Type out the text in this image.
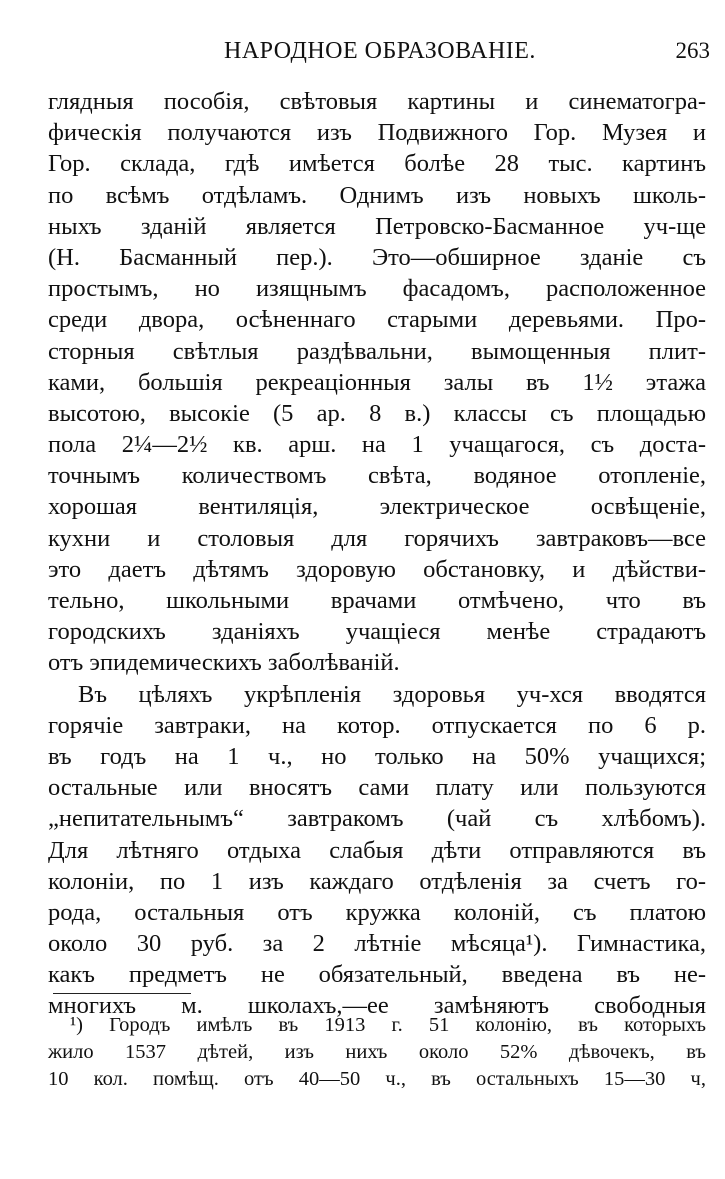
НАРОДНОЕ ОБРАЗОВАНІЕ.	263
глядныя пособія, свѣтовыя картины и синематогра-
фическія получаются изъ Подвижного Гор. Музея и
Гор. склада, гдѣ имѣется болѣе 28 тыс. картинъ
по всѣмъ отдѣламъ. Однимъ изъ новыхъ школь-
ныхъ зданій является Петровско-Басманное уч-ще
(Н. Басманный пер.). Это—обширное зданіе съ
простымъ, но изящнымъ фасадомъ, расположенное
среди двора, осѣненнаго старыми деревьями. Про-
сторныя свѣтлыя раздѣвальни, вымощенныя плит-
ками, большія рекреаціонныя залы въ 1½ этажа
высотою, высокіе (5 ар. 8 в.) классы съ площадью
пола 2¼—2½ кв. арш. на 1 учащагося, съ доста-
точнымъ количествомъ свѣта, водяное отопленіе,
хорошая вентиляція, электрическое освѣщеніе,
кухни и столовыя для горячихъ завтраковъ—все
это даетъ дѣтямъ здоровую обстановку, и дѣйстви-
тельно, школьными врачами отмѣчено, что въ
городскихъ зданіяхъ учащіеся менѣе страдаютъ
отъ эпидемическихъ заболѣваній.
Въ цѣляхъ укрѣпленія здоровья уч-хся вводятся
горячіе завтраки, на котор. отпускается по 6 р.
въ годъ на 1 ч., но только на 50% учащихся;
остальные или вносятъ сами плату или пользуются
„непитательнымъ“ завтракомъ (чай съ хлѣбомъ).
Для лѣтняго отдыха слабыя дѣти отправляются въ
колоніи, по 1 изъ каждаго отдѣленія за счетъ го-
рода, остальныя отъ кружка колоній, съ платою
около 30 руб. за 2 лѣтніе мѣсяца¹). Гимнастика,
какъ предметъ не обязательный, введена въ не-
многихъ м. школахъ,—ее замѣняютъ свободныя
¹) Городъ имѣлъ въ 1913 г. 51 колонію, въ которыхъ
жило 1537 дѣтей, изъ нихъ около 52% дѣвочекъ, въ
10 кол. помѣщ. отъ 40—50 ч., въ остальныхъ 15—30 ч,
